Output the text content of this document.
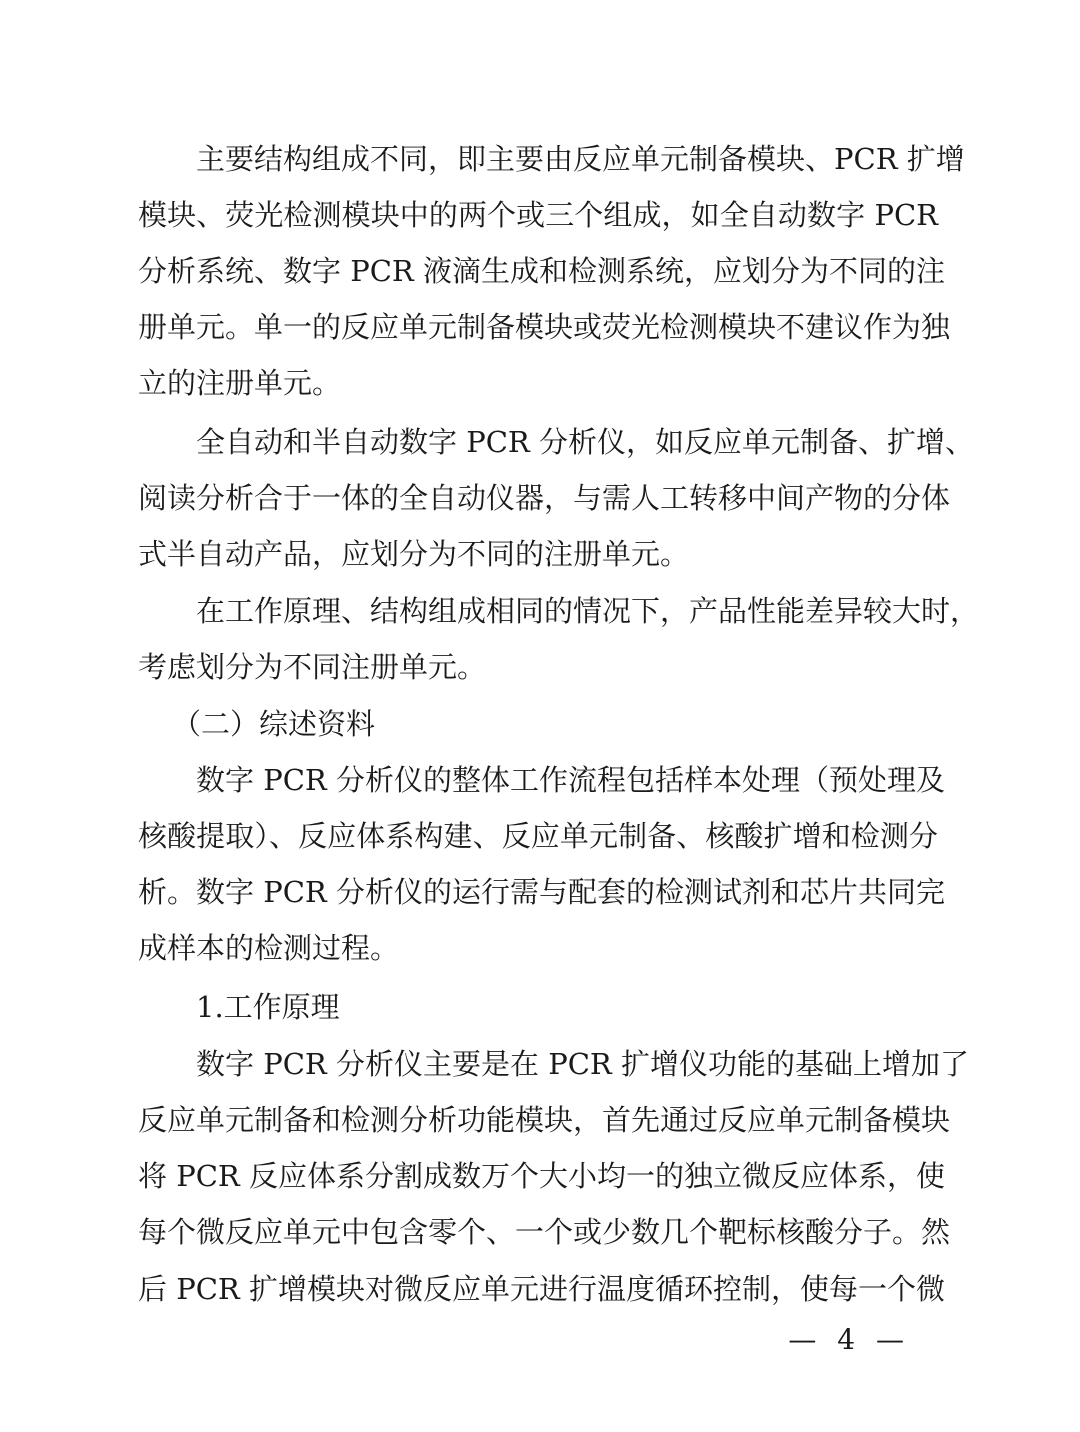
主要结构组成不同，即主要由反应单元制备模块、PCR 扩增

模块、荧光检测模块中的两个或三个组成，如全自动数字 PCR

分析系统、数字 PCR 液滴生成和检测系统，应划分为不同的注

册单元。单一的反应单元制备模块或荧光检测模块不建议作为独

立的注册单元。

全自动和半自动数字 PCR 分析仪，如反应单元制备、扩增、

阅读分析合于一体的全自动仪器，与需人工转移中间产物的分体

式半自动产品，应划分为不同的注册单元。

在工作原理、结构组成相同的情况下，产品性能差异较大时，

考虑划分为不同注册单元。

（二）综述资料

数字 PCR 分析仪的整体工作流程包括样本处理（预处理及

核酸提取）、反应体系构建、反应单元制备、核酸扩增和检测分

析。数字 PCR 分析仪的运行需与配套的检测试剂和芯片共同完

成样本的检测过程。

1.工作原理

数字 PCR 分析仪主要是在 PCR 扩增仪功能的基础上增加了

反应单元制备和检测分析功能模块，首先通过反应单元制备模块

将 PCR 反应体系分割成数万个大小均一的独立微反应体系，使

每个微反应单元中包含零个、一个或少数几个靶标核酸分子。然

后 PCR 扩增模块对微反应单元进行温度循环控制，使每一个微

— 4 —
